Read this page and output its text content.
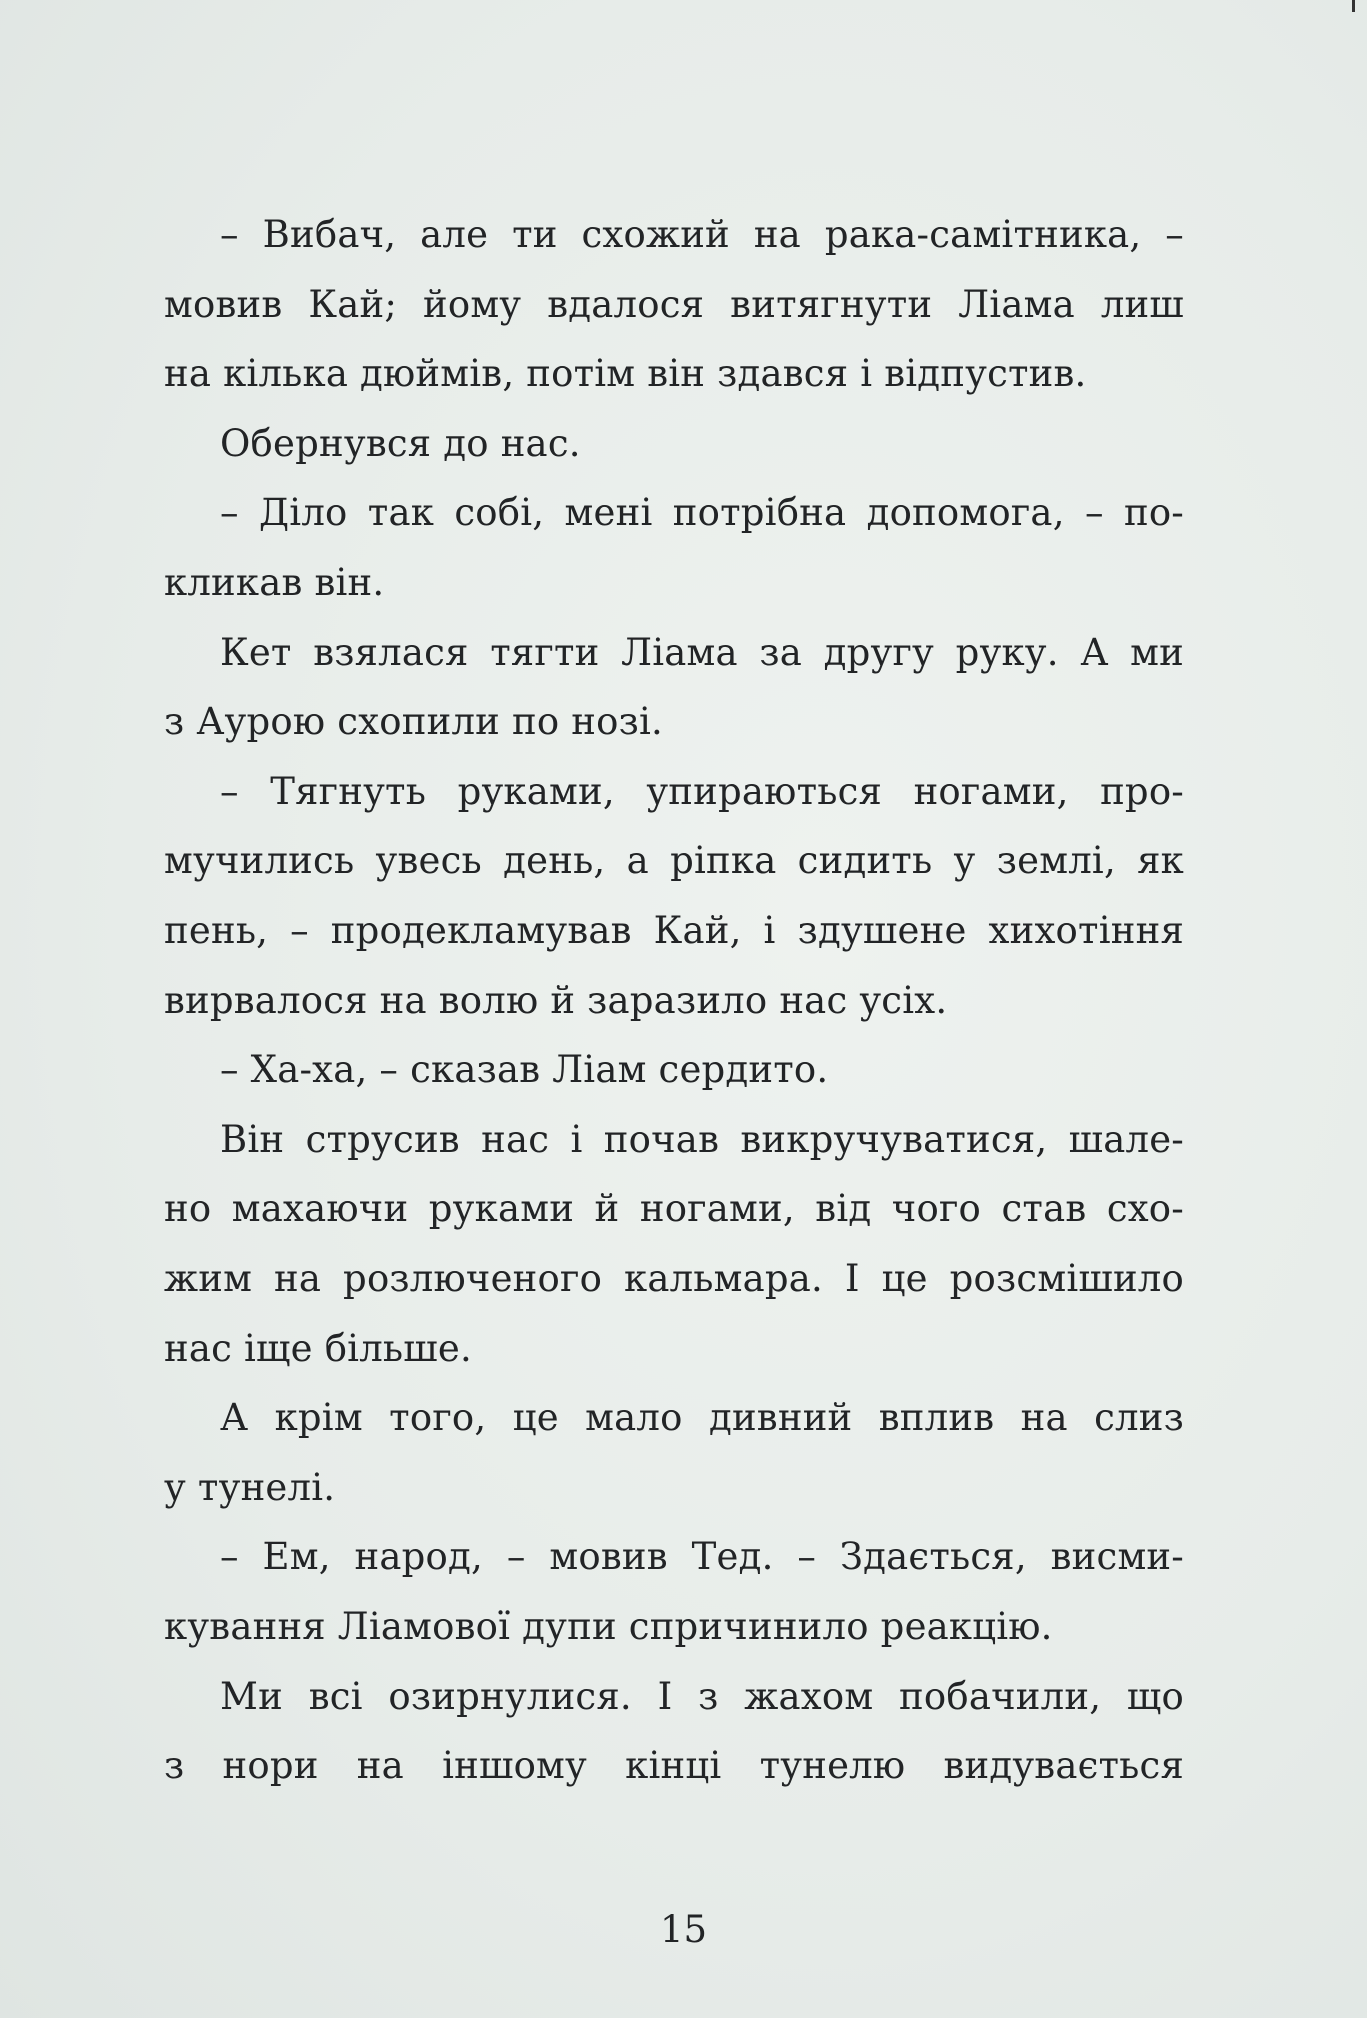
– Вибач, але ти схожий на рака-самітника, –
мовив Кай; йому вдалося витягнути Ліама лиш
на кілька дюймів, потім він здався і відпустив.
Обернувся до нас.
– Діло так собі, мені потрібна допомога, – по-
кликав він.
Кет взялася тягти Ліама за другу руку. А ми
з Аурою схопили по нозі.
– Тягнуть руками, упираються ногами, про-
мучились увесь день, а ріпка сидить у землі, як
пень, – продекламував Кай, і здушене хихотіння
вирвалося на волю й заразило нас усіх.
– Ха-ха, – сказав Ліам сердито.
Він струсив нас і почав викручуватися, шале-
но махаючи руками й ногами, від чого став схо-
жим на розлюченого кальмара. І це розсмішило
нас іще більше.
А крім того, це мало дивний вплив на слиз
у тунелі.
– Ем, народ, – мовив Тед. – Здається, висми-
кування Ліамової дупи спричинило реакцію.
Ми всі озирнулися. І з жахом побачили, що
з нори на іншому кінці тунелю видувається
15
